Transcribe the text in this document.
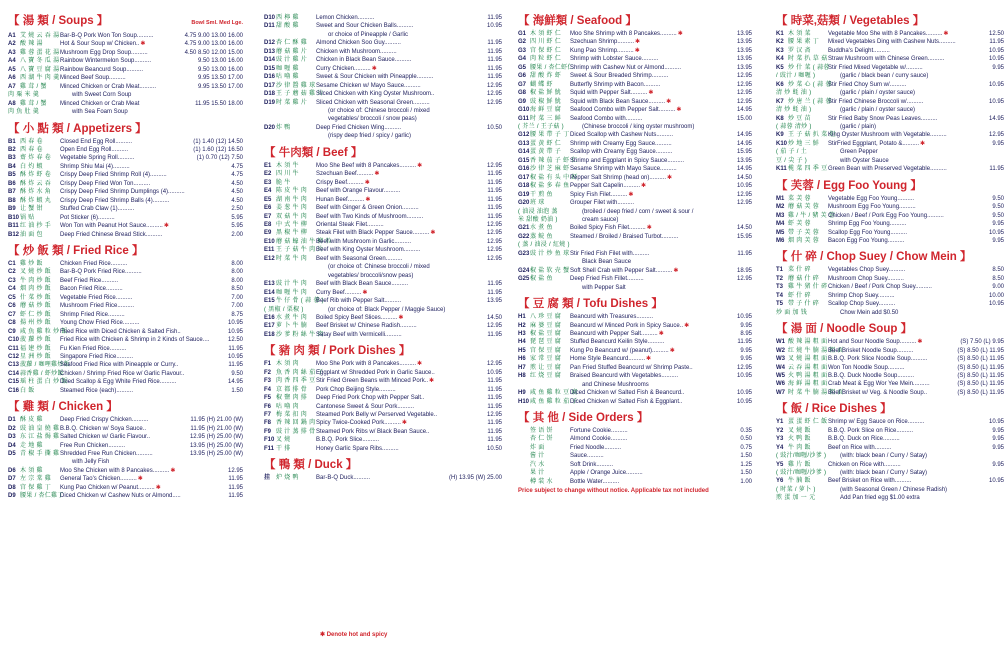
【 湯 類 / Soups 】	Bowl Sml. Med Lge.
A1 艾 燒 云 吞 湯 Bar-B-Q Pork Won Ton Soup..........	4.75 9.00 13.00 16.00
A2 酸 辣 湯	Hot & Sour Soup w/ Chicken..✱	4.75 9.00 13.00 16.00
A3 雞 蓉 蛋 花 湯 Mushroom Egg Drop Soup..........	4.50 8.50 12.00 15.00
A4 八 寶 冬 瓜 湯 Rainbow Wintermelon Soup..........	9.50 13.00 16.00
A5 八 寶 豆 腐 湯 Rainbow Beancurd Soup..........	9.50 13.00 16.00
A6 西 湖 牛 肉 羹 Minced Beef Soup..........	9.95 13.50 17.00
A7 雞 茸 / 蟹	Minced Chicken or Crab Meat..........	9.95 13.50 17.00
肉 粟 米 羹	with Sweet Corn Soup
A8 雞 茸 / 蟹	Minced Chicken or Crab Meat	11.95 15.50 18.00
肉 魚 肚 羹	with Sea Foam Soup
【 小 點 類 / Appetizers 】
B1 西 春 卷	Closed End Egg Roll..........	(1) 1.40 (12) 14.50
B2 西 春 卷	Open End Egg Roll..........	(1) 1.60 (12) 16.50
B3 齋 炸 春 卷	Vegetable Spring Roll..........	(1) 0.70 (12) 7.50
B4 白 灼 蝦	Shrimp Shiu Mai (4)..........	4.75
B5 酥 炸 虾 卷	Crispy Deep Fried Shrimp Roll (4)..........	4.75
B6 酥 炸 云 吞	Crispy Deep Fried Won Ton..........	4.50
B7 酥 炸 水 角	Crispy Deep Fried Shrimp Dumplings (4)..........	4.50
B8 酥 炸 蝦 丸	Crispy Deep Fried Shrimp Balls (4)..........	4.50
B9 让 蟹 钳	Stuffed Crab Claw (1)..........	2.50
B10 锅 贴	Pot Sticker (6)..........	5.95
B11 红 油 抄 手	Won Ton with Peanut Hot Sauce..........✱	5.95
B12 油 面 包	Deep Fried Chinese Bread Stick..........	2.00
【 炒 飯 類 / Fried Rice 】
C1 雞 炒 飯	Chicken Fried Rice..........	8.00
C2 叉 燒 炒 飯	Bar-B-Q Pork Fried Rice..........	8.00
C3 牛 肉 炒 飯	Beef Fried Rice..........	8.00
C4 烟 肉 炒 飯	Bacon Fried Rice..........	8.50
C5 什 菜 炒 飯	Vegetable Fried Rice..........	7.00
C6 蘑 菇 炒 飯	Mushroom Fried Rice..........	7.00
C7 虾 仁 炒 飯	Shrimp Fried Rice..........	8.75
C8 揚 州 炒 飯	Young Chow Fried Rice..........	10.95
C9 咸 魚 雞 粒 炒 飯
Fried Rice with Diced Chicken & Salted Fish..	10.95
C10 菠 蘿 炒 飯	Fried Rice with Chicken & Shrimp in 2 Kinds of Sauce....	12.50
C11 福 建 炒 飯	Fu Kien Fried Rice..........	11.95
C12 星 洲 炒 飯	Singapore Fried Rice..........	10.95
C13 菠蘿 / 咖哩雞炒飯
Seafood Fried Rice with Pineapple or Curry..	11.95
C14 蒜香雞 / 虾炒飯
Chicken / Shrimp Fried Rice w/ Garlic Flavour..	9.50
C15 瑶 柱 蛋 白 炒 飯
Dried Scallop & Egg White Fried Rice..........	14.95
C16 白 飯	Steamed Rice (each)..........	1.50
【 雞 類 / Chicken 】
D1 酥 皮 雞	Deep Fried Crispy Chicken..........	11.95 (H) 21.00 (W)
D2 豉 油 皇 燒 雞 B.B.Q. Chicken w/ Soya Sauce..	11.95 (H) 21.00 (W)
D3 东 江 盐 焗 雞 Salted Chicken w/ Garlic Flavour..	12.95 (H) 25.00 (W)
D4 走 地 雞	Free Run Chicken..........	13.95 (H) 25.00 (W)
D5 青 椒 手 撕 雞 Shredded Free Run Chicken..........	13.95 (H) 25.00 (W)
with Jelly Fish
D6 木 須 雞	Moo She Chicken with 8 Pancakes..........✱	12.95
D7 左 宗 棠 雞	General Tao's Chicken..........✱	11.95
D8 宫 保 雞 丁	Kung Pao Chicken w/ Peanut..........✱	11.95
D9 腰果 / 杏仁雞丁
Diced Chicken w/ Cashew Nuts or Almond.....	11.95
D10 西 檸 雞	Lemon Chicken..........	11.95
D11 甜 酸 雞	Sweet and Sour Chicken Balls..........	10.95
or choice of Pineapple / Garlic
D12 杏 仁 酥 雞	Almond Chicken Soo Guy..........	11.95
D13 蘑 菇 雞 片	Chicken with Mushroom..........	11.95
D14 豉 汁 雞 片	Chicken in Black Bean Sauce..........	11.95
D15 咖 喱 雞	Curry Chicken..........✱	11.95
D16 咕 嚕 雞	Sweet & Sour Chicken with Pineapple..........	11.95
D17 沙 律 醬 雞 球 Sesame Chicken w/ Mayo Sauce..........	12.95
D18 王 子 蘑 菇 雞 片
Sliced Chicken with King Oyster Mushroom..	12.95
D19 时 菜 雞 片	Sliced Chicken with Seasonal Green..........	12.95
(or choice of: Chinese broccoli / mixed
vegetables/ broccoli / snow peas)
D20 炸 鴨	Deep Fried Chicken Wing..........	10.50
(rispy deep fried / spicy / garlic)
【 牛肉類 / Beef 】
E1 木 須 牛	Moo She Beef with 8 Pancakes..........✱	12.95
E2 四 川 牛	Szechuan Beef..........✱	11.95
E3 脆 牛	Crispy Beef..........✱	11.95
E4 陈 皮 牛 肉	Beef with Orange Flavour..........	11.95
E5 湖 南 牛 肉	Hunan Beef..........✱	11.95
E6 姜 葱 牛 肉	Beef with Ginger & Green Onion..........	11.95
E7 双 菇 牛 肉	Beef with Two Kinds of Mushroom..........	11.95
E8 中 式 牛 柳	Oriental Steak Filet..........	12.95
E9 黑 椒 牛 柳	Steak Filet with Black Pepper Sauce..........✱	12.95
E10 蘑 菇 蠔 油 牛 柳 粒
Beef with Mushroom in Garlic..........	12.95
E11 王 子 菇 牛 肉 片
Beef with King Oyster Mushroom..........	12.95
E12 时 菜 牛 肉	Beef with Seasonal Green..........	12.95
(or choice of: Chinese broccoli / mixed
vegetables/ broccoli/snow peas)
E13 豉 汁 牛 肉	Beef with Black Bean Sauce..........	11.95
E14 咖 喱 牛 肉	Curry Beef..........✱	11.95
E15 牛 仔 骨 ( 蒜 蓉 )
Beef Rib with Pepper Salt..........	13.95
( 黑椒 / 栗椒 )	(or choice of: Black Pepper / Maggie Sauce)
E16 水 煮 牛 肉	Boiled Spicy Beef Slices..........✱	14.50
E17 萝 卜 牛 腩	Beef Brisket w/ Chinese Radish..........	12.95
E18 沙 爹 粉 絲 牛 肉
Satay Beef with Vermicelli..........	11.95
【 豬 肉 類 / Pork Dishes 】
F1 木 須 肉	Moo She Pork with 8 Pancakes..........✱	12.95
F2 魚 香 肉 絲 茄 子
Eggplant w/ Shredded Pork in Garlic Sauce..	10.95
F3 肉 香 四 季 豆 Stir Fried Green Beans with Minced Pork..✱	11.95
F4 京 都 排 骨	Pork Chop Beijing Style..........	11.95
F5 椒 鹽 肉 排	Deep Fried Pork Chop with Pepper Salt..	11.95
F6 咕 嚕 肉	Cantonese Sweet & Sour Pork..........	11.95
F7 梅 菜 扣 肉	Steamed Pork Belly w/ Perserved Vegetable..	12.95
F8 香 辣 回 鍋 肉 Spicy Twice-Cooked Pork..........✱	11.95
F9 豉 汁 蒸 排 骨 Steamed Pork Ribs w/ Black Bean Sauce..	11.95
F10 叉 燒	B.B.Q. Pork Slice..........	11.95
F11 干 排	Honey Garlic Spare Ribs..........	10.50
【 鴨 類 / Duck 】
挂 炉 烧 鸭	Bar-B-Q Duck..........	(H) 13.95 (W) 25.00
【 海鮮類 / Seafood 】
G1 木 須 虾 仁	Moo She Shrimp with 8 Pancakes..........✱	13.95
G2 四 川 虾 仁	Szechuan Shrimp..........✱	13.95
G3 宫 保 虾 仁	Kung Pao Shrimp..........✱	13.95
G4 肉 粒 虾 仁	Shrimp with Lobster Sauce..........	13.95
G5 腰果 / 杏仁虾仁
Shrimp with Cashew Nut or Almond..........	13.95
G6 甜 酸 炸 虾	Sweet & Sour Breaded Shrimp..........	12.95
G7 蝴 蝶 虾	Butterfly Shrimp with Bacon..........	12.95
G8 椒 盐 鮮 魷	Squid with Pepper Salt..........✱	12.95
G9 豉 椒 鮮 魷	Squid with Black Bean Sauce..........✱	12.95
G10 海 鲜 豆 腐	Seafood Combo with Pepper Salt..........✱	14.95
G11 时 菜 三 鲜	Seafood Combo with..........	15.00
( 芥兰 / 王子菇 )	(Chinese broccoli / king oyster mushroom)
G12 腰 果 带 子 丁 Diced Scallop with Cashew Nuts..........	14.95
G13 蛋 黄 虾 仁	Shrimp with Creamy Egg Sauce..........	14.95
G14 蛋 黄 带 子	Scallop with Creamy Egg Sauce..........	15.95
G15 香 辣 茄 子 虾 仁
Shrimp and Eggplant in Spicy Sauce..........	13.95
G16 沙 律 芝 麻 虾 Sesame Shrimp with Mayo Sauce..........	14.95
G17 椒 盐 有 头 中 虾
Pepper Salt Shrimp (head on)..........✱	14.50
G18 椒 盐 多 春 鱼 Pepper Salt Capelin..........✱	10.95
G19 干 煎 鱼	Spicy Fish Filet..........✱	12.95
G20 班 球	Grouper Filet with..........	12.95
( 油浸 油泡 蒸	(broiled / deep fried / corn / sweet & sour /
米 甜酸 奶油 )	cream sauce)
G21 水 煮 鱼	Boiled Spicy Fish Filet..........✱	14.50
G22 蒸 鲩 鱼	Steamed / Broiled / Braised Turbot..........	15.95
( 蒸 / 油浸 / 紅燒 )
G23 豉 汁 炒 鱼 球 Stir Fried Fish Filet with..........	11.95
Black Bean Sauce
G24 椒 盐 软 壳 蟹 Soft Shell Crab with Pepper Salt..........✱	18.95
G25 椒 盐 鱼	Deep Fried Fish Fillet..........	12.95
with Pepper Salt
【 豆 腐 類 / Tofu Dishes 】
H1 八 珍 豆 腐	Beancurd with Treasures..........	10.95
H2 麻 婆 豆 腐	Beancurd w/ Minced Pork in Spicy Sauce..✱	9.95
H3 椒 盐 豆 腐	Beancurd with Pepper Salt..........✱	8.95
H4 琵 琶 豆 腐	Stuffed Beancurd Keilin Style..........	11.95
H5 宫 保 豆 腐	Kung Po Beancurd w/ (peanut)..........✱	9.95
H6 家 常 豆 腐	Home Style Beancurd..........✱	9.95
H7 煎 让 豆 腐	Pan Fried Stuffed Beancurd w/ Shrimp Paste..	12.95
H8 红 烧 豆 腐	Braised Beancurd with Vegetables..........	10.95
and Chinese Mushrooms
H9 咸 鱼 雞 粒 豆 腐
Diced Chicken w/ Salted Fish & Beancurd..	10.95
H10 咸 鱼 雞 粒 茄 子
Diced Chicken w/ Salted Fish & Eggplant..	10.95
【 其 他 / Side Orders 】
签 语 饼	Fortune Cookie..........	0.35
杏 仁 饼	Almond Cookie..........	0.50
炸 面	Fried Noodle..........	0.75
酱 汁	Sauce..........	1.50
汽 水	Soft Drink..........	1.25
果 汁	Apple / Orange Juice..........	1.50
樽 装 水	Bottle Water..........	1.00
Price subject to change without notice. Applicable tax not included
【 時菜,菇類 / Vegetables 】
K1 木 須 菜	Vegetable Moo She with 8 Pancakes..........✱	12.50
K2 腰 果 素 丁	Mixed Vegetables Ding with Cashew Nuts..........	11.95
K3 罗 汉 斋	Buddha's Delight..........	10.95
K4 时 菜 扒 草 菇 Straw Mushroom with Chinese Green..........	10.95
K5 炒 什 菜 ( 蒜蓉
Stir Fried Mixed Vegetable w/..........	9.95
/ 豉汁 / 咖喱 )	(garlic / black bean / curry sauce)
K6 炒 菜 心 ( 蒜 蓉
Stir Fried Choy Sum w/..........	10.95
清 炒 蚝 油 )	(garlic / plain / oyster sauce)
K7 炒 唐 兰 ( 蒜 蓉
Stir Fried Chinese Broccoli w/..........	10.95
清 炒 蚝 油 )	(garlic / plain / oyster sauce)
K8 炒 豆 苗	Stir Fried Baby Snow Peas Leaves..........	14.95
( 蒜蓉 清炒 )	(garlic / plain)
K9 王 子 菇 扒 菜 胆
King Oyster Mushroom with Vegetable..........	12.95
K10 炒 地 三 鮮	StirFried Eggplant, Potato &..........✱	9.95
( 茄 子 / 土	Green Pepper
豆 / 尖 子 )	with Oyster Sauce
K11 榄 菜 四 季 豆 Green Bean with Preserved Vegetable..........	11.95
【 芙蓉 / Egg Foo Young 】
M1 菜 芙 蓉	Vegetable Egg Foo Young..........	9.50
M2 蘑 菇 芙 蓉	Mushroom Egg Foo Young..........	9.50
M3 雞 / 牛 / 豬 芙 蓉
Chicken / Beef / Pork Egg Foo Young..........	9.50
M4 虾 芙 蓉	Shrimp Egg Foo Young..........	9.95
M5 带 子 芙 蓉	Scallop Egg Foo Young..........	10.95
M6 烟 肉 芙 蓉	Bacon Egg Foo Young..........	9.95
【 什 碎 / Chop Suey / Chow Mein 】
T1 菜 什 碎	Vegetables Chop Suey..........	8.50
T2 蘑 菇 什 碎	Mushroom Chop Suey..........	8.50
T3 雞 牛 猪 什 碎 Chicken / Beef / Pork Chop Suey..........	9.00
T4 虾 什 碎	Shrimp Chop Suey..........	10.00
T5 带 子 什 碎	Scallop Chop Suey..........	10.95
炒 面 加 钱	Chow Mein add $0.50
【 湯 面 / Noodle Soup 】
W1 酸 辣 湯 粗 面 Hot and Sour Noodle Soup..........✱	(S) 7.50 (L) 9.95
W2 红 燒 牛 腩 湯 粗 面
Beef Brisket Noodle Soup..........	(S) 8.50 (L) 11.95
W3 叉 燒 湯 粗 面 B.B.Q. Pork Slice Noodle Soup..........	(S) 8.50 (L) 11.95
W4 云 吞 湯 粗 面 Won Ton Noodle Soup..........	(S) 8.50 (L) 11.95
W5 火 鸭 湯 粗 面 B.B.Q. Duck Noodle Soup..........	(S) 8.50 (L) 11.95
W6 海 鲜 湯 粗 面 Crab Meat & Egg Wor Yee Mein..........	(S) 8.50 (L) 11.95
W7 时 菜 牛 腩 湯 粗 面
Beef Brisket w/ Veg. & Noodle Soup..	(S) 8.50 (L) 11.95
【 飯 / Rice Dishes 】
Y1 蛋 蛋 虾 仁 飯 Shrimp w/ Egg Sauce on Rice..........	10.95
Y2 叉 燒 飯	B.B.Q. Pork Slice on Rice..........	9.95
Y3 火 鸭 飯	B.B.Q. Duck on Rice..........	9.95
Y4 牛 肉 飯	Beef on Rice with..........	9.95
( 豉汁/咖喱/沙爹 )	(with: black bean / Curry / Satay)
Y5 雞 片 飯	Chicken on Rice with..........	9.95
( 豉汁/咖喱/沙爹 )	(with: black bean / Curry / Satay)
Y6 牛 腩 飯	Beef Brisket on Rice with..........	10.95
( 时菜 / 萝卜 )	(with Seasonal Green / Chinese Radish)
煎 蛋 加 一 元	Add Pan fried egg $1.00 extra
✱ Denote hot and spicy
